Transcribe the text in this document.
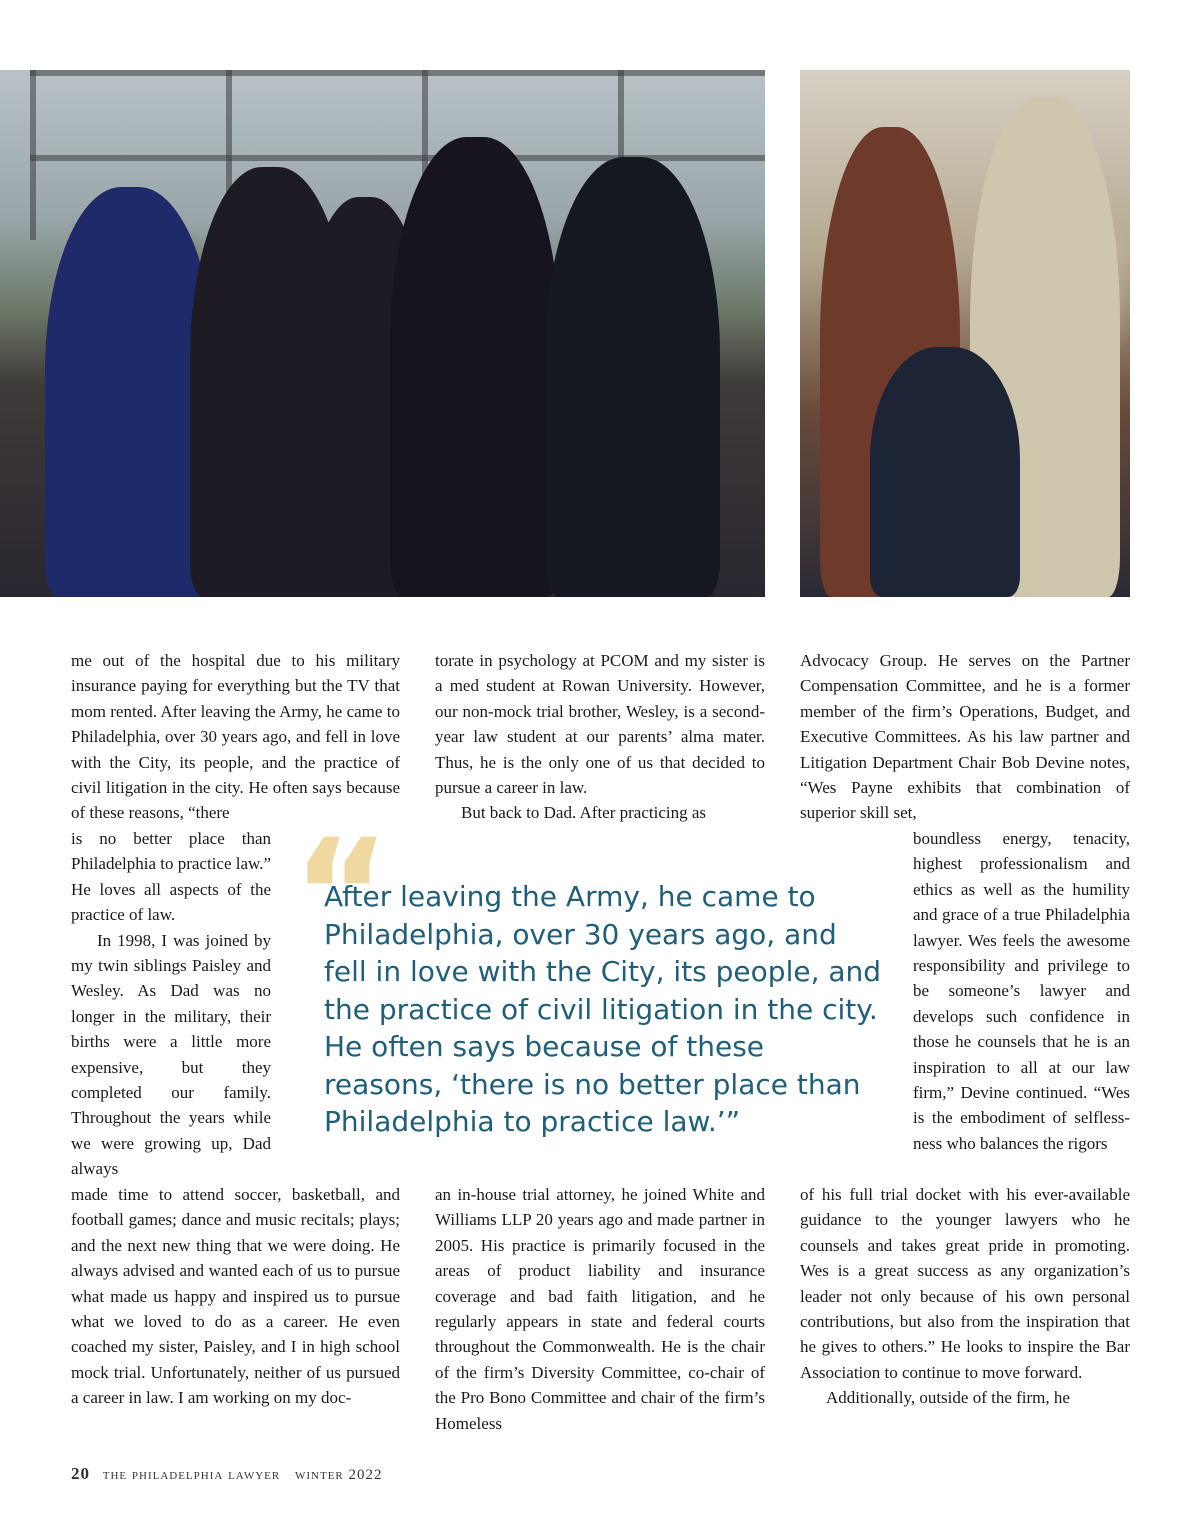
me out of the hospital due to his military insurance paying for everything but the TV that mom rented. After leaving the Army, he came to Philadelphia, over 30 years ago, and fell in love with the City, its people, and the practice of civil litigation in the city. He often says because of these reasons, “there

is no better place than Philadelphia to practice law.” He loves all aspects of the practice of law.

In 1998, I was joined by my twin siblings Paisley and Wesley. As Dad was no longer in the military, their births were a little more expensive, but they completed our family. Throughout the years while we were growing up, Dad always

made time to attend soccer, basketball, and football games; dance and music recitals; plays; and the next new thing that we were doing. He always advised and wanted each of us to pursue what made us happy and inspired us to pursue what we loved to do as a career. He even coached my sister, Paisley, and I in high school mock trial. Unfortunately, neither of us pursued a career in law. I am working on my doc-

torate in psychology at PCOM and my sister is a med student at Rowan University. However, our non-mock trial brother, Wesley, is a second-year law student at our parents’ alma mater. Thus, he is the only one of us that decided to pursue a career in law.

But back to Dad. After practicing as

an in-house trial attorney, he joined White and Williams LLP 20 years ago and made partner in 2005. His practice is primarily focused in the areas of product liability and insurance coverage and bad faith litigation, and he regularly appears in state and federal courts throughout the Commonwealth. He is the chair of the firm’s Diversity Committee, co-chair of the Pro Bono Committee and chair of the firm’s Homeless

Advocacy Group. He serves on the Partner Compensation Committee, and he is a former member of the firm’s Operations, Budget, and Executive Committees. As his law partner and Litigation Department Chair Bob Devine notes, “Wes Payne exhibits that combination of superior skill set,

boundless energy, tenacity, highest professionalism and ethics as well as the humility and grace of a true Philadelphia lawyer. Wes feels the awesome responsibility and privilege to be someone’s lawyer and develops such confidence in those he counsels that he is an inspiration to all at our law firm,” Devine continued. “Wes is the embodiment of selflessness who balances the rigors

of his full trial docket with his ever-available guidance to the younger lawyers who he counsels and takes great pride in promoting. Wes is a great success as any organization’s leader not only because of his own personal contributions, but also from the inspiration that he gives to others.” He looks to inspire the Bar Association to continue to move forward.

Additionally, outside of the firm, he

“
After leaving the Army, he came to Philadelphia, over 30 years ago, and fell in love with the City, its people, and the practice of civil litigation in the city. He often says because of these reasons, ‘there is no better place than Philadelphia to practice law.’”
20 the philadelphia lawyer winter 2022
